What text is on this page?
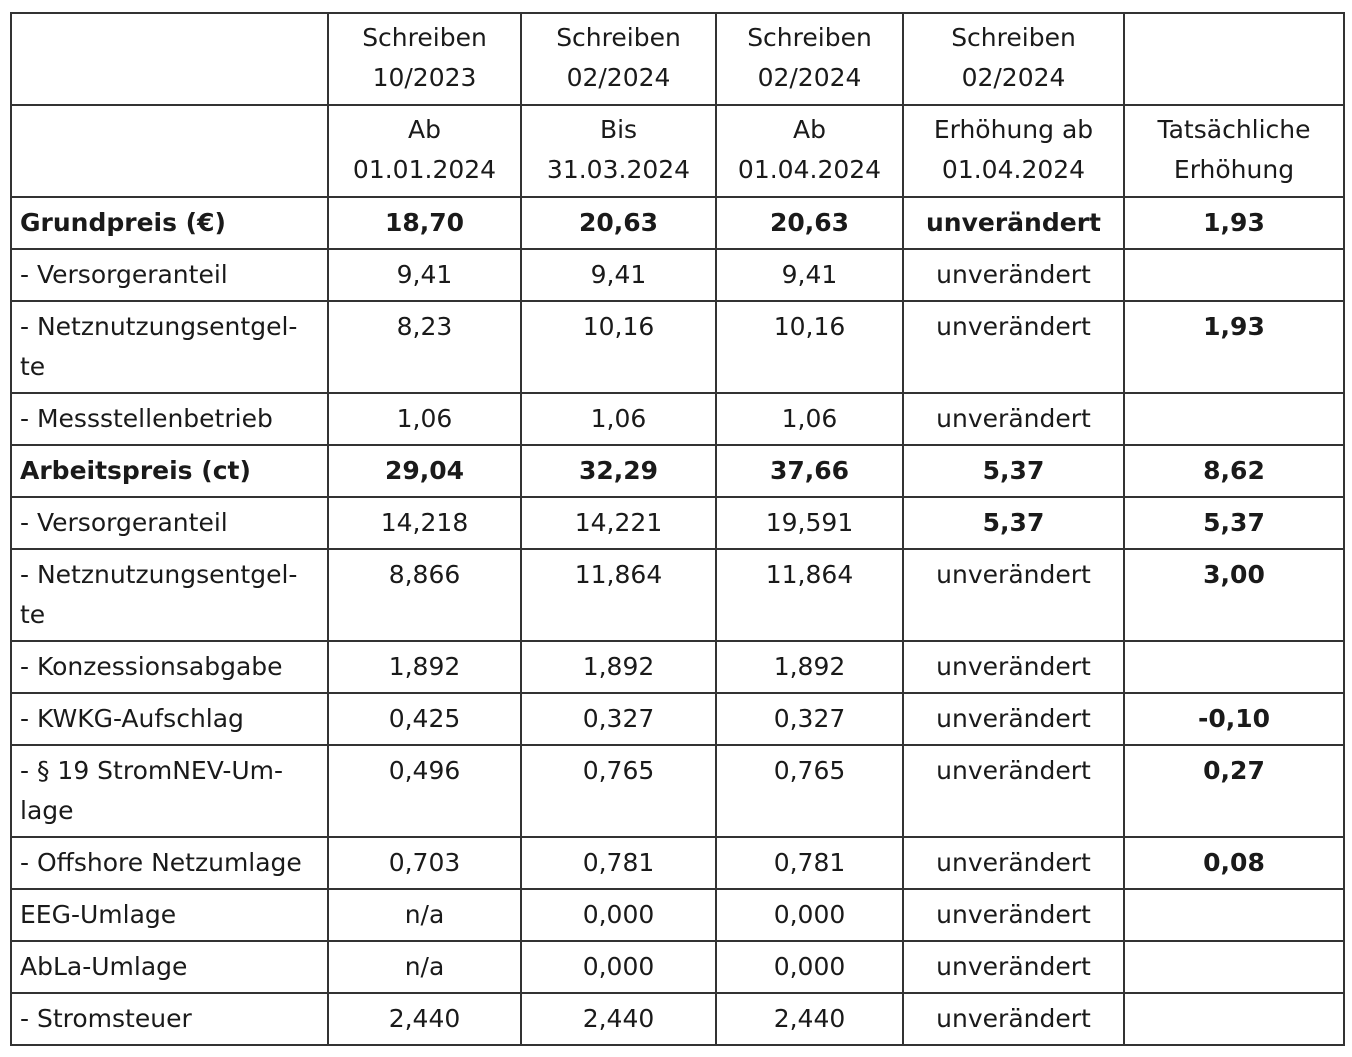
	Schreiben 10/2023	Schreiben 02/2024	Schreiben 02/2024	Schreiben 02/2024	
	Ab 01.01.2024	Bis 31.03.2024	Ab 01.04.2024	Erhöhung ab 01.04.2024	Tatsächliche Erhöhung
Grundpreis (€)	18,70	20,63	20,63	unverändert	1,93
- Versorgeranteil	9,41	9,41	9,41	unverändert	
- Netznutzungsentgel-te	8,23	10,16	10,16	unverändert	1,93
- Messstellenbetrieb	1,06	1,06	1,06	unverändert	
Arbeitspreis (ct)	29,04	32,29	37,66	5,37	8,62
- Versorgeranteil	14,218	14,221	19,591	5,37	5,37
- Netznutzungsentgel-te	8,866	11,864	11,864	unverändert	3,00
- Konzessionsabgabe	1,892	1,892	1,892	unverändert	
- KWKG-Aufschlag	0,425	0,327	0,327	unverändert	-0,10
- § 19 StromNEV-Um-lage	0,496	0,765	0,765	unverändert	0,27
- Offshore Netzumlage	0,703	0,781	0,781	unverändert	0,08
EEG-Umlage	n/a	0,000	0,000	unverändert	
AbLa-Umlage	n/a	0,000	0,000	unverändert	
- Stromsteuer	2,440	2,440	2,440	unverändert	
